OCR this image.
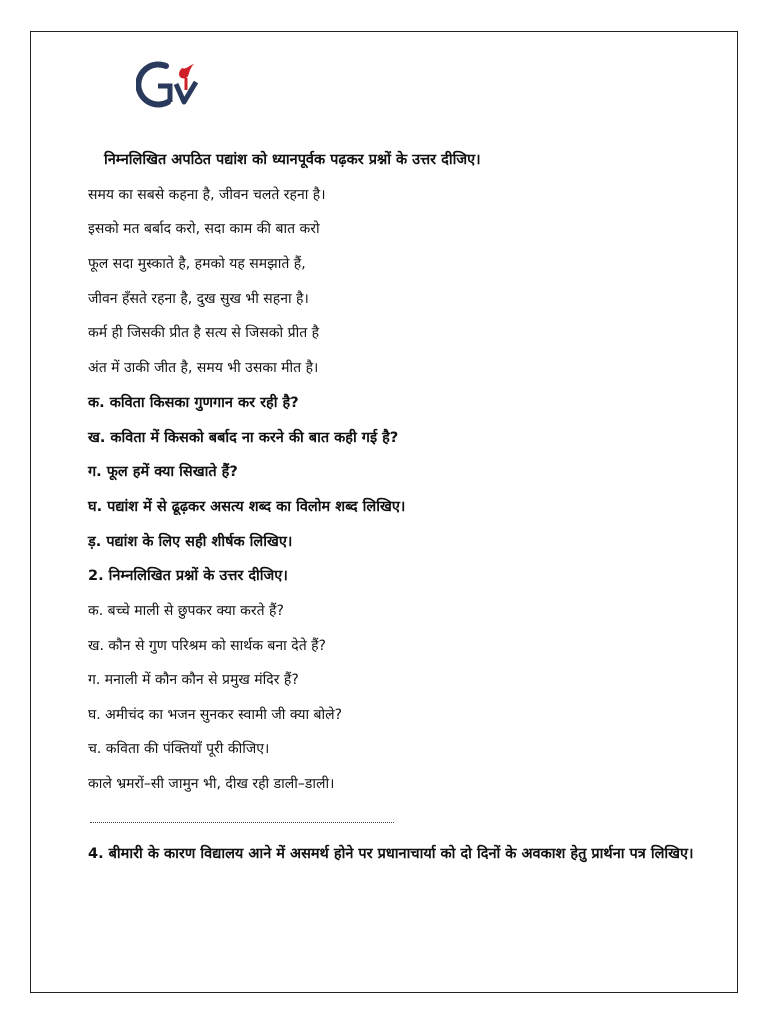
निम्नलिखित अपठित पद्यांश को ध्यानपूर्वक पढ़कर प्रश्नों के उत्तर दीजिए।
समय का सबसे कहना है, जीवन चलते रहना है।
इसको मत बर्बाद करो, सदा काम की बात करो
फूल सदा मुस्काते है, हमको यह समझाते हैं,
जीवन हँसते रहना है, दुख सुख भी सहना है।
कर्म ही जिसकी प्रीत है सत्य से जिसको प्रीत है
अंत में उाकी जीत है, समय भी उसका मीत है।
क. कविता किसका गुणगान कर रही है?
ख. कविता में किसको बर्बाद ना करने की बात कही गई है?
ग. फूल हमें क्या सिखाते हैं?
घ. पद्यांश में से ढूढ़कर असत्य शब्द का विलोम शब्द लिखिए।
ड़. पद्यांश के लिए सही शीर्षक लिखिए।
2. निम्नलिखित प्रश्नों के उत्तर दीजिए।
क. बच्चे माली से छुपकर क्या करते हैं?
ख. कौन से गुण परिश्रम को सार्थक बना देते हैं?
ग. मनाली में कौन कौन से प्रमुख मंदिर हैं?
घ. अमीचंद का भजन सुनकर स्वामी जी क्या बोले?
च. कविता की पंक्तियाँ पूरी कीजिए।
काले भ्रमरों–सी जामुन भी, दीख रही डाली–डाली।
4. बीमारी के कारण विद्यालय आने में असमर्थ होने पर प्रधानाचार्या को दो दिनों के अवकाश हेतु प्रार्थना पत्र लिखिए।
